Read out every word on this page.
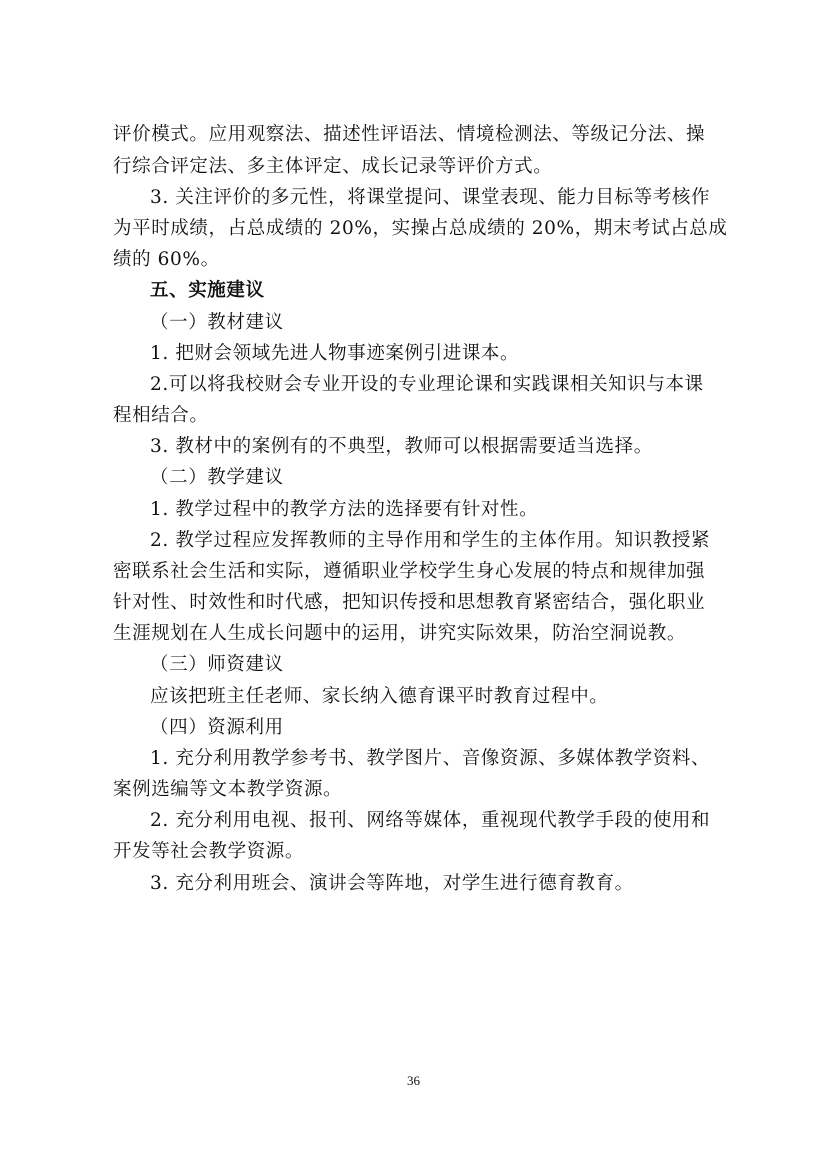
评价模式。应用观察法、描述性评语法、情境检测法、等级记分法、操
行综合评定法、多主体评定、成长记录等评价方式。
3. 关注评价的多元性，将课堂提问、课堂表现、能力目标等考核作
为平时成绩，占总成绩的 20%，实操占总成绩的 20%，期末考试占总成
绩的 60%。
五、实施建议
（一）教材建议
1. 把财会领域先进人物事迹案例引进课本。
2.可以将我校财会专业开设的专业理论课和实践课相关知识与本课
程相结合。
3. 教材中的案例有的不典型，教师可以根据需要适当选择。
（二）教学建议
1. 教学过程中的教学方法的选择要有针对性。
2. 教学过程应发挥教师的主导作用和学生的主体作用。知识教授紧
密联系社会生活和实际，遵循职业学校学生身心发展的特点和规律加强
针对性、时效性和时代感，把知识传授和思想教育紧密结合，强化职业
生涯规划在人生成长问题中的运用，讲究实际效果，防治空洞说教。
（三）师资建议
应该把班主任老师、家长纳入德育课平时教育过程中。
（四）资源利用
1. 充分利用教学参考书、教学图片、音像资源、多媒体教学资料、
案例选编等文本教学资源。
2. 充分利用电视、报刊、网络等媒体，重视现代教学手段的使用和
开发等社会教学资源。
3. 充分利用班会、演讲会等阵地，对学生进行德育教育。
36
